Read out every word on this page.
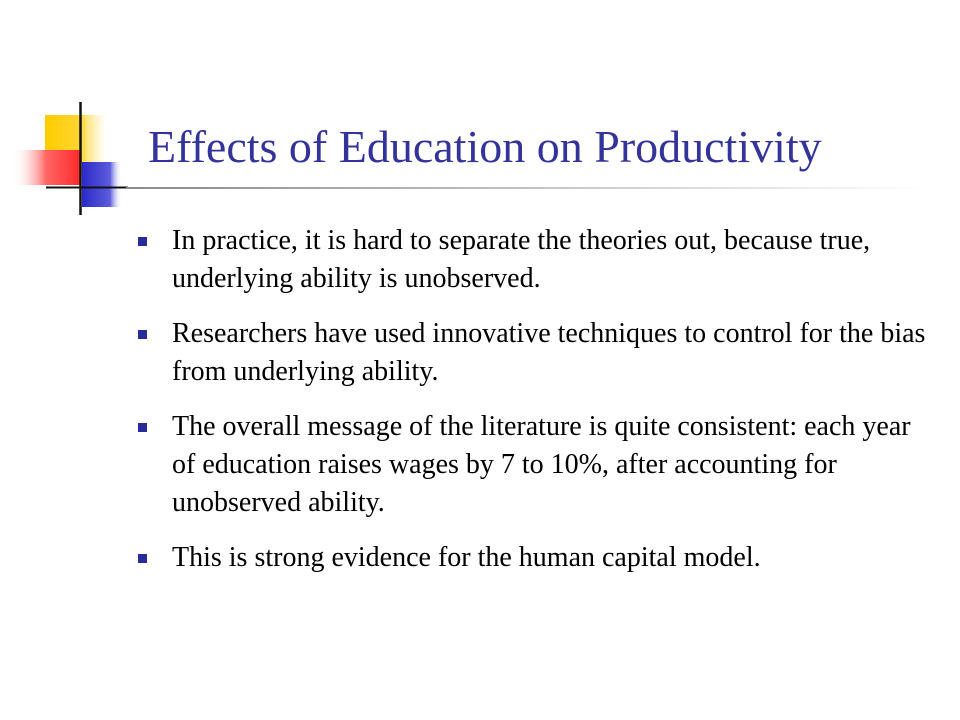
Effects of Education on Productivity
In practice, it is hard to separate the theories out, because true, underlying ability is unobserved.
Researchers have used innovative techniques to control for the bias from underlying ability.
The overall message of the literature is quite consistent: each year of education raises wages by 7 to 10%, after accounting for unobserved ability.
This is strong evidence for the human capital model.
